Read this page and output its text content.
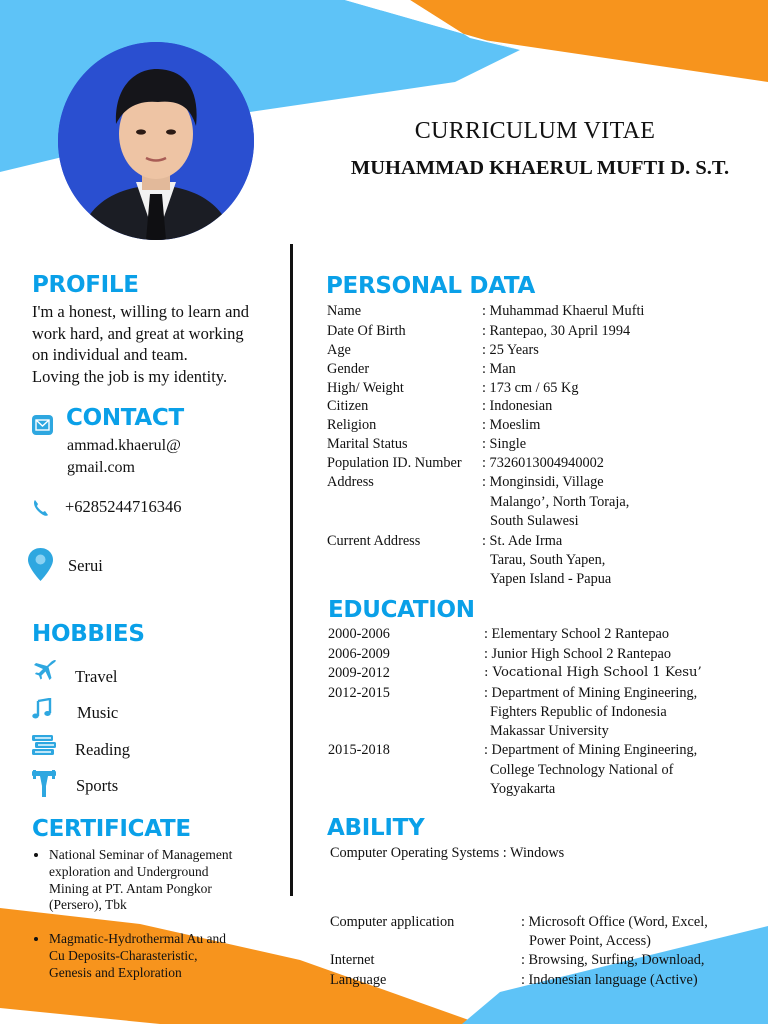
CURRICULUM VITAE
MUHAMMAD KHAERUL MUFTI D. S.T.
PROFILE
I'm a honest, willing to learn and
work hard, and great at working
on individual and team.
Loving the job is my identity.
CONTACT
ammad.khaerul@
gmail.com
+6285244716346
Serui
HOBBIES
Travel
Music
Reading
Sports
CERTIFICATE
• National Seminar of Management
exploration and Underground
Mining at PT. Antam Pongkor
(Persero), Tbk
• Magmatic-Hydrothermal Au and
Cu Deposits-Charasteristic,
Genesis and Exploration
PERSONAL DATA
Name	: Muhammad Khaerul Mufti
Date Of Birth	: Rantepao, 30 April 1994
Age	: 25 Years
Gender	: Man
High/ Weight	: 173 cm / 65 Kg
Citizen	: Indonesian
Religion	: Moeslim
Marital Status	: Single
Population ID. Number : 7326013004940002
Address	: Monginsidi, Village
Malango’, North Toraja,
South Sulawesi
Current Address	: St. Ade Irma
Tarau, South Yapen,
Yapen Island - Papua
EDUCATION
2000-2006	: Elementary School 2 Rantepao
2006-2009	: Junior High School 2 Rantepao
2009-2012	: Vocational High School 1 Kesu’
2012-2015	: Department of Mining Engineering,
Fighters Republic of Indonesia
Makassar University
2015-2018	: Department of Mining Engineering,
College Technology National of
Yogyakarta
ABILITY
Computer Operating Systems : Windows
Computer application	: Microsoft Office (Word, Excel,
Power Point, Access)
Internet	: Browsing, Surfing, Download,
Language	: Indonesian language (Active)
